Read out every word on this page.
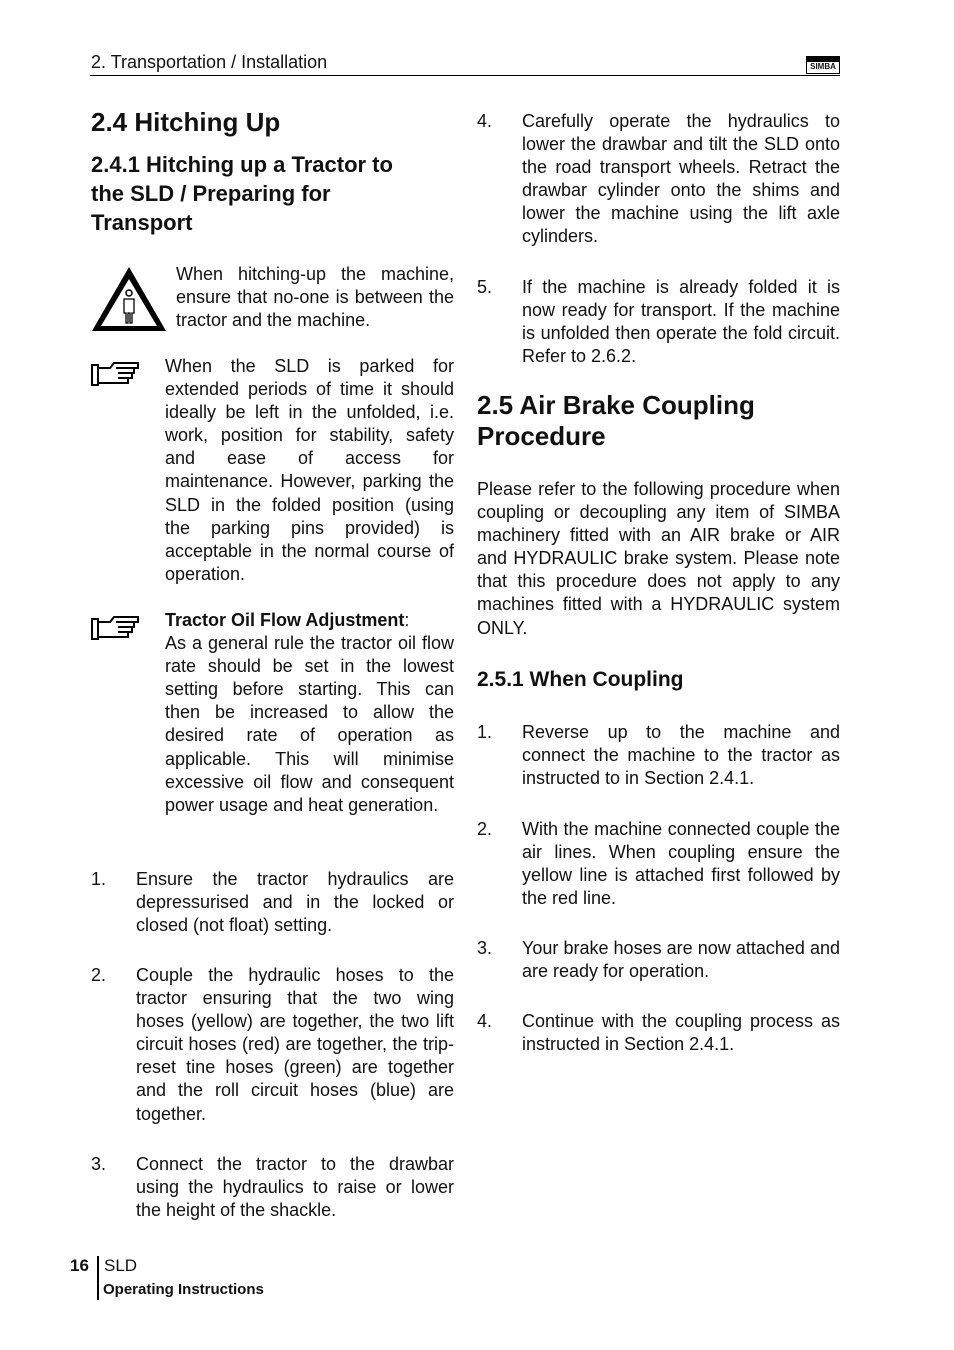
2. Transportation / Installation	SIMBA
2.4 Hitching Up
2.4.1 Hitching up a Tractor to the SLD / Preparing for Transport

When hitching-up the machine, ensure that no-one is between the tractor and the machine.

When the SLD is parked for extended periods of time it should ideally be left in the unfolded, i.e. work, position for stability, safety and ease of access for maintenance. However, parking the SLD in the folded position (using the parking pins provided) is acceptable in the normal course of operation.

Tractor Oil Flow Adjustment:
As a general rule the tractor oil flow rate should be set in the lowest setting before starting. This can then be increased to allow the desired rate of operation as applicable. This will minimise excessive oil flow and consequent power usage and heat generation.
1. Ensure the tractor hydraulics are depressurised and in the locked or closed (not float) setting.
2. Couple the hydraulic hoses to the tractor ensuring that the two wing hoses (yellow) are together, the two lift circuit hoses (red) are together, the trip-reset tine hoses (green) are together and the roll circuit hoses (blue) are together.
3. Connect the tractor to the drawbar using the hydraulics to raise or lower the height of the shackle.
4. Carefully operate the hydraulics to lower the drawbar and tilt the SLD onto the road transport wheels. Retract the drawbar cylinder onto the shims and lower the machine using the lift axle cylinders.
5. If the machine is already folded it is now ready for transport. If the machine is unfolded then operate the fold circuit. Refer to 2.6.2.
2.5 Air Brake Coupling Procedure

Please refer to the following procedure when coupling or decoupling any item of SIMBA machinery fitted with an AIR brake or AIR and HYDRAULIC brake system. Please note that this procedure does not apply to any machines fitted with a HYDRAULIC system ONLY.

2.5.1 When Coupling
1. Reverse up to the machine and connect the machine to the tractor as instructed to in Section 2.4.1.
2. With the machine connected couple the air lines. When coupling ensure the yellow line is attached first followed by the red line.
3. Your brake hoses are now attached and are ready for operation.
4. Continue with the coupling process as instructed in Section 2.4.1.
16 SLD
Operating Instructions
